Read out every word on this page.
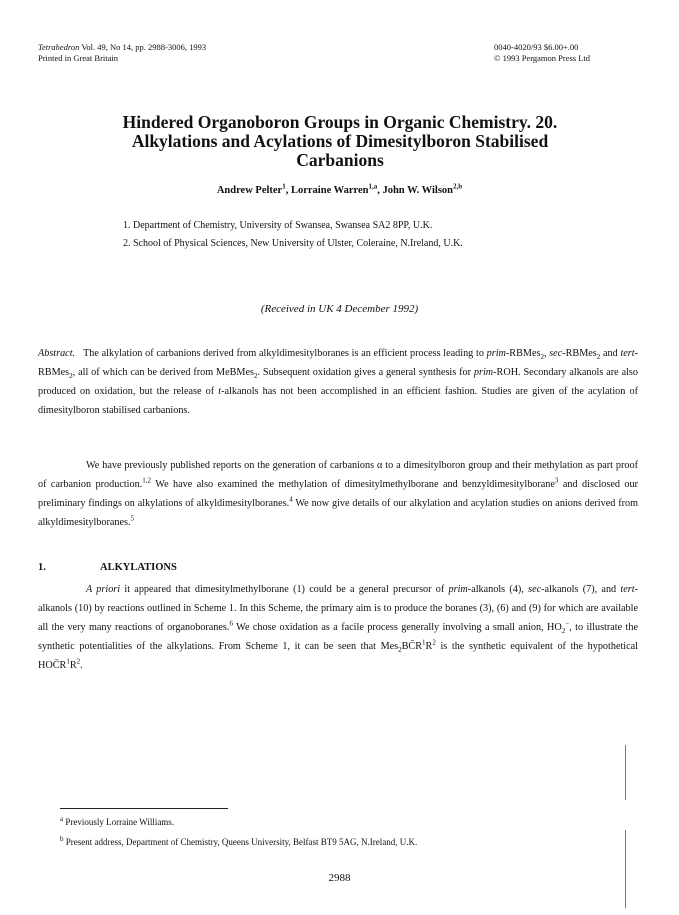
Tetrahedron Vol. 49, No 14, pp. 2988-3006, 1993
Printed in Great Britain
0040-4020/93 $6.00+.00
© 1993 Pergamon Press Ltd
Hindered Organoboron Groups in Organic Chemistry. 20.
Alkylations and Acylations of Dimesitylboron Stabilised
Carbanions
Andrew Pelter$^1$, Lorraine Warren$^{1,a}$, John W. Wilson$^{2,b}$
1. Department of Chemistry, University of Swansea, Swansea SA2 8PP, U.K.
2. School of Physical Sciences, New University of Ulster, Coleraine, N.Ireland, U.K.
(Received in UK 4 December 1992)
Abstract. The alkylation of carbanions derived from alkyldimesitylboranes is an efficient process leading to prim-RBMes$_2$, sec-RBMes$_2$ and tert-RBMes$_2$, all of which can be derived from MeBMes$_2$. Subsequent oxidation gives a general synthesis for prim-ROH. Secondary alkanols are also produced on oxidation, but the release of t-alkanols has not been accomplished in an efficient fashion. Studies are given of the acylation of dimesitylboron stabilised carbanions.
We have previously published reports on the generation of carbanions α to a dimesitylboron group and their methylation as part proof of carbanion production.$^{1,2}$ We have also examined the methylation of dimesitylmethylborane and benzyldimesitylborane$^3$ and disclosed our preliminary findings on alkylations of alkyldimesitylboranes.$^4$ We now give details of our alkylation and acylation studies on anions derived from alkyldimesitylboranes.$^5$
1.	ALKYLATIONS
A priori it appeared that dimesitylmethylborane (1) could be a general precursor of prim-alkanols (4), sec-alkanols (7), and tert-alkanols (10) by reactions outlined in Scheme 1. In this Scheme, the primary aim is to produce the boranes (3), (6) and (9) for which are available all the very many reactions of organoboranes.$^6$ We chose oxidation as a facile process generally involving a small anion, $HO_2^-$, to illustrate the synthetic potentialities of the alkylations. From Scheme 1, it can be seen that $Mes_2BC̄R^1R^2$ is the synthetic equivalent of the hypothetical $HOC̄R^1R^2$.
$^a$ Previously Lorraine Williams.
$^b$ Present address, Department of Chemistry, Queens University, Belfast BT9 5AG, N.Ireland, U.K.
2988
